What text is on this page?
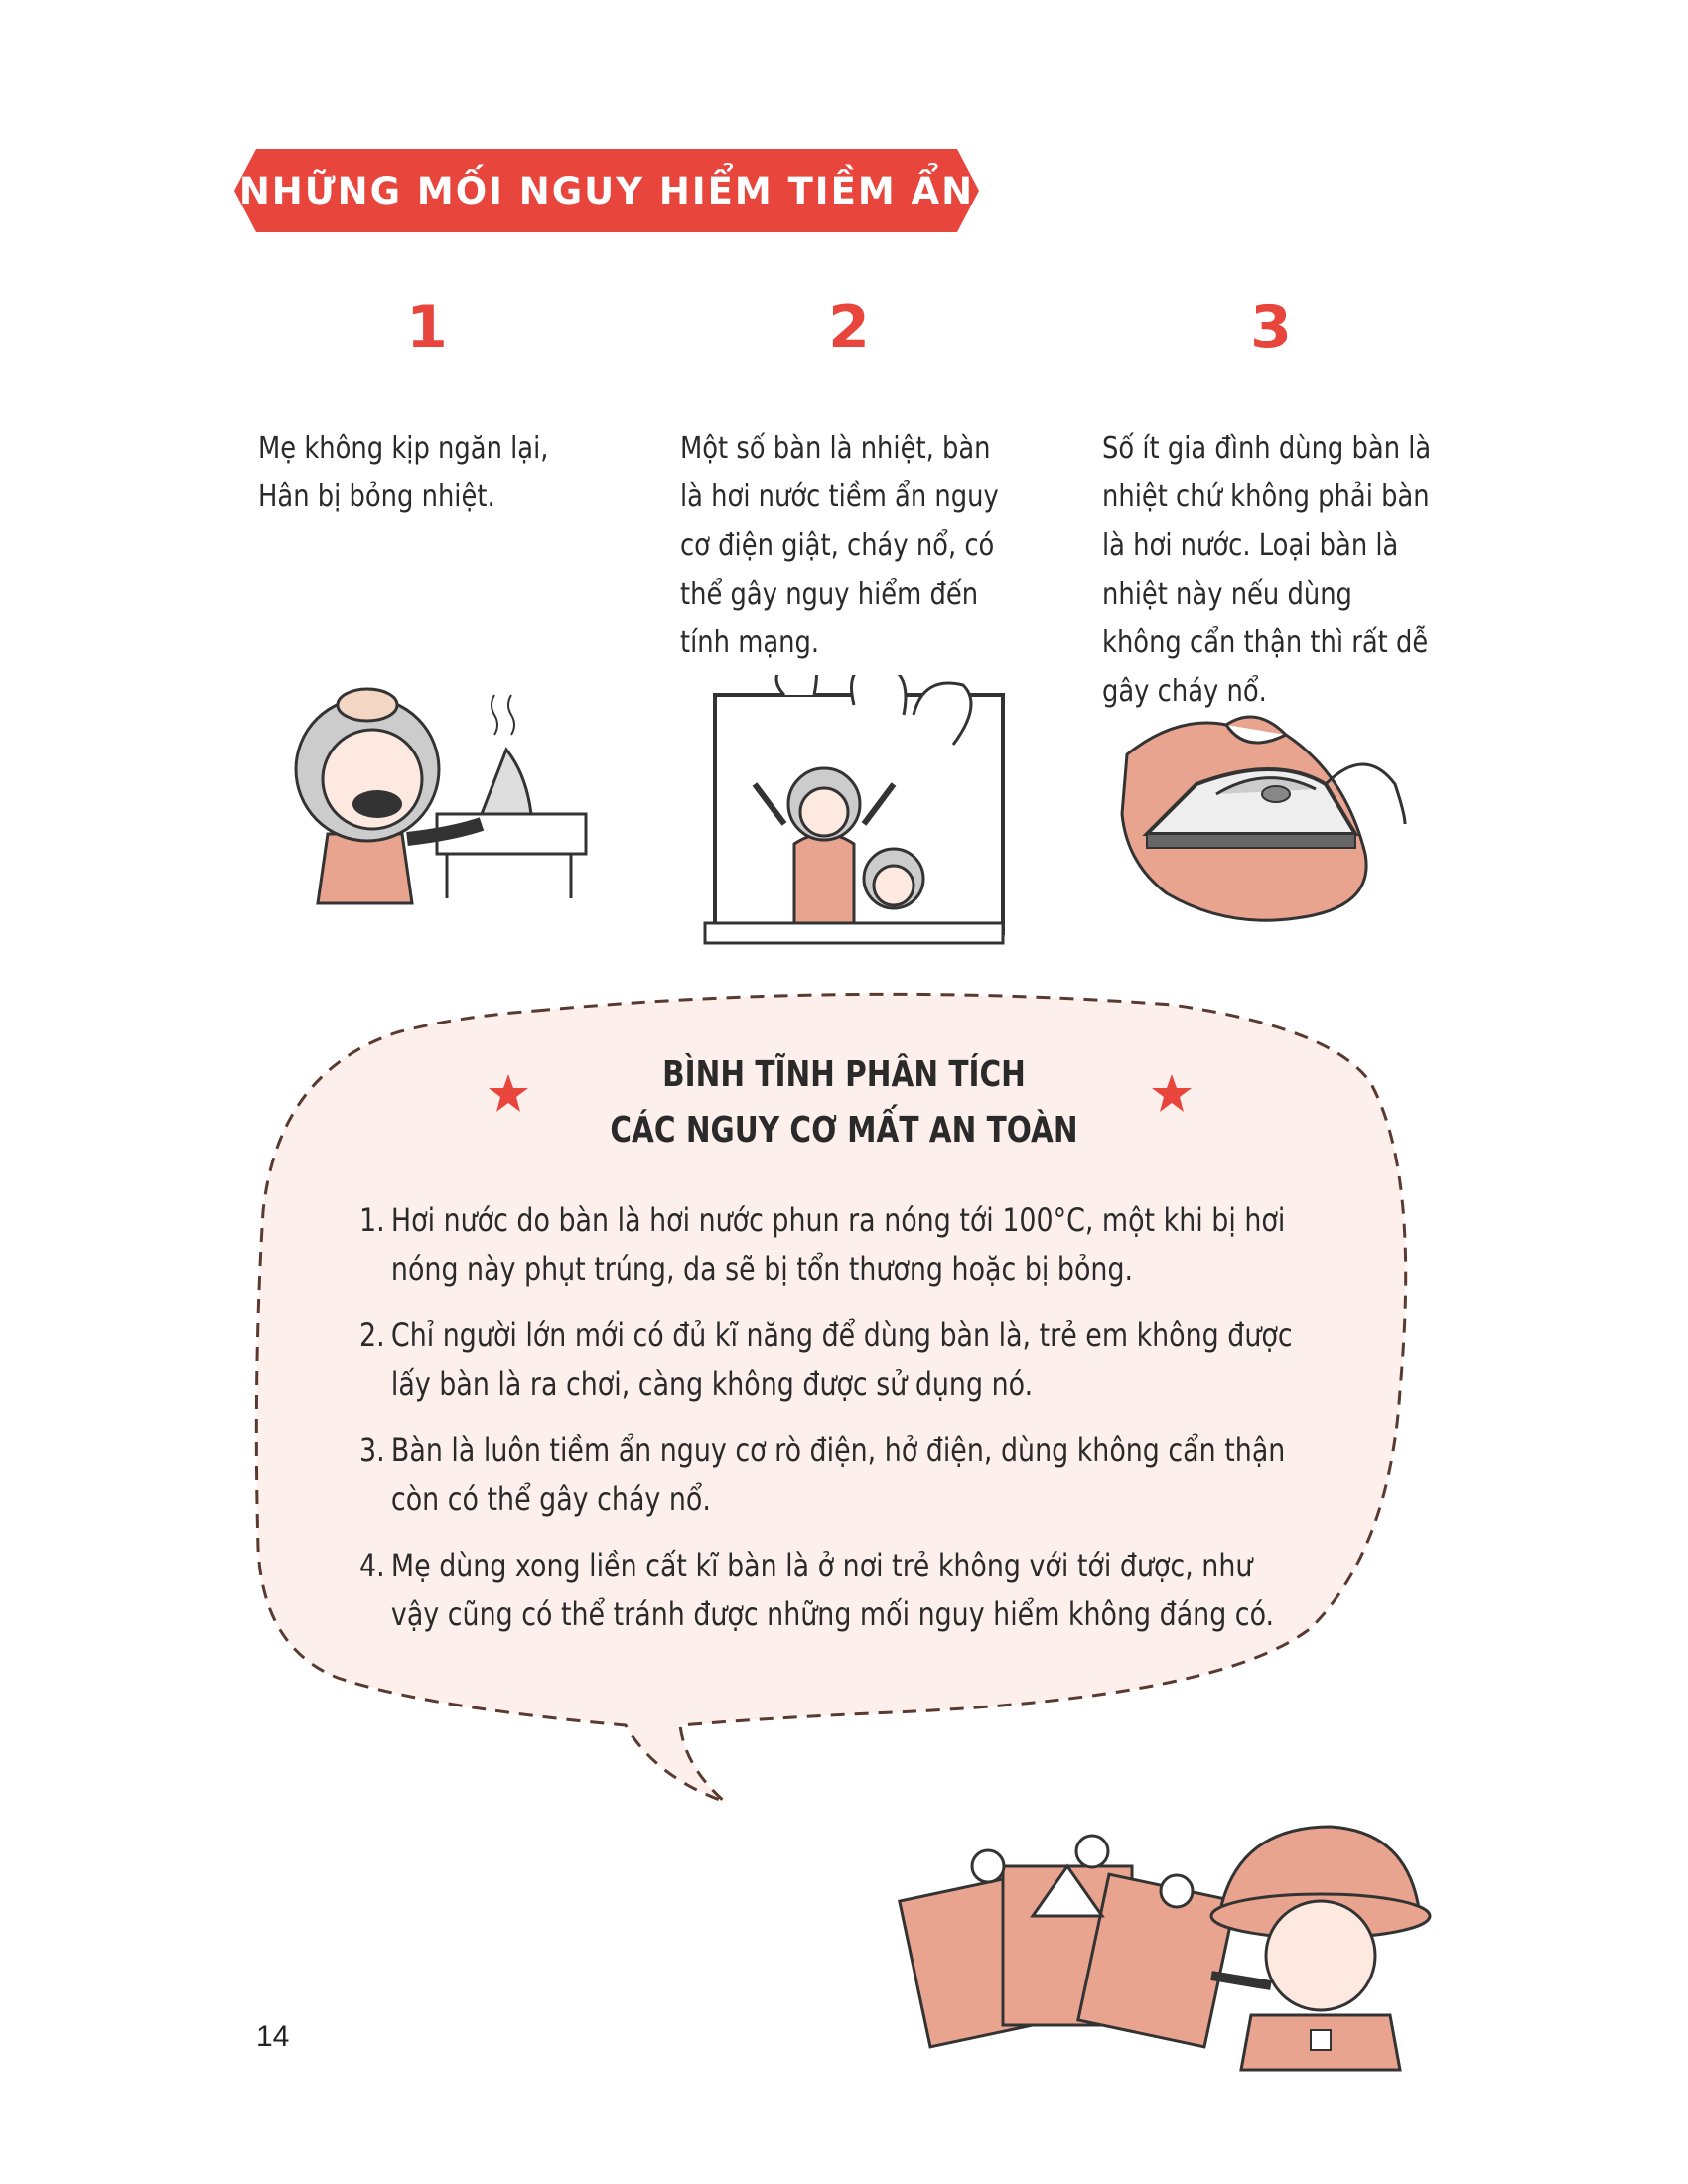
NHỮNG MỐI NGUY HIỂM TIỀM ẨN
1
Mẹ không kịp ngăn lại, Hân bị bỏng nhiệt.
2
Một số bàn là nhiệt, bàn là hơi nước tiềm ẩn nguy cơ điện giật, cháy nổ, có thể gây nguy hiểm đến tính mạng.
3
Số ít gia đình dùng bàn là nhiệt chứ không phải bàn là hơi nước. Loại bàn là nhiệt này nếu dùng không cẩn thận thì rất dễ gây cháy nổ.
BÌNH TĨNH PHÂN TÍCH
CÁC NGUY CƠ MẤT AN TOÀN
1. Hơi nước do bàn là hơi nước phun ra nóng tới 100°C, một khi bị hơi nóng này phụt trúng, da sẽ bị tổn thương hoặc bị bỏng.
2. Chỉ người lớn mới có đủ kĩ năng để dùng bàn là, trẻ em không được lấy bàn là ra chơi, càng không được sử dụng nó.
3. Bàn là luôn tiềm ẩn nguy cơ rò điện, hở điện, dùng không cẩn thận còn có thể gây cháy nổ.
4. Mẹ dùng xong liền cất kĩ bàn là ở nơi trẻ không với tới được, như vậy cũng có thể tránh được những mối nguy hiểm không đáng có.
14
